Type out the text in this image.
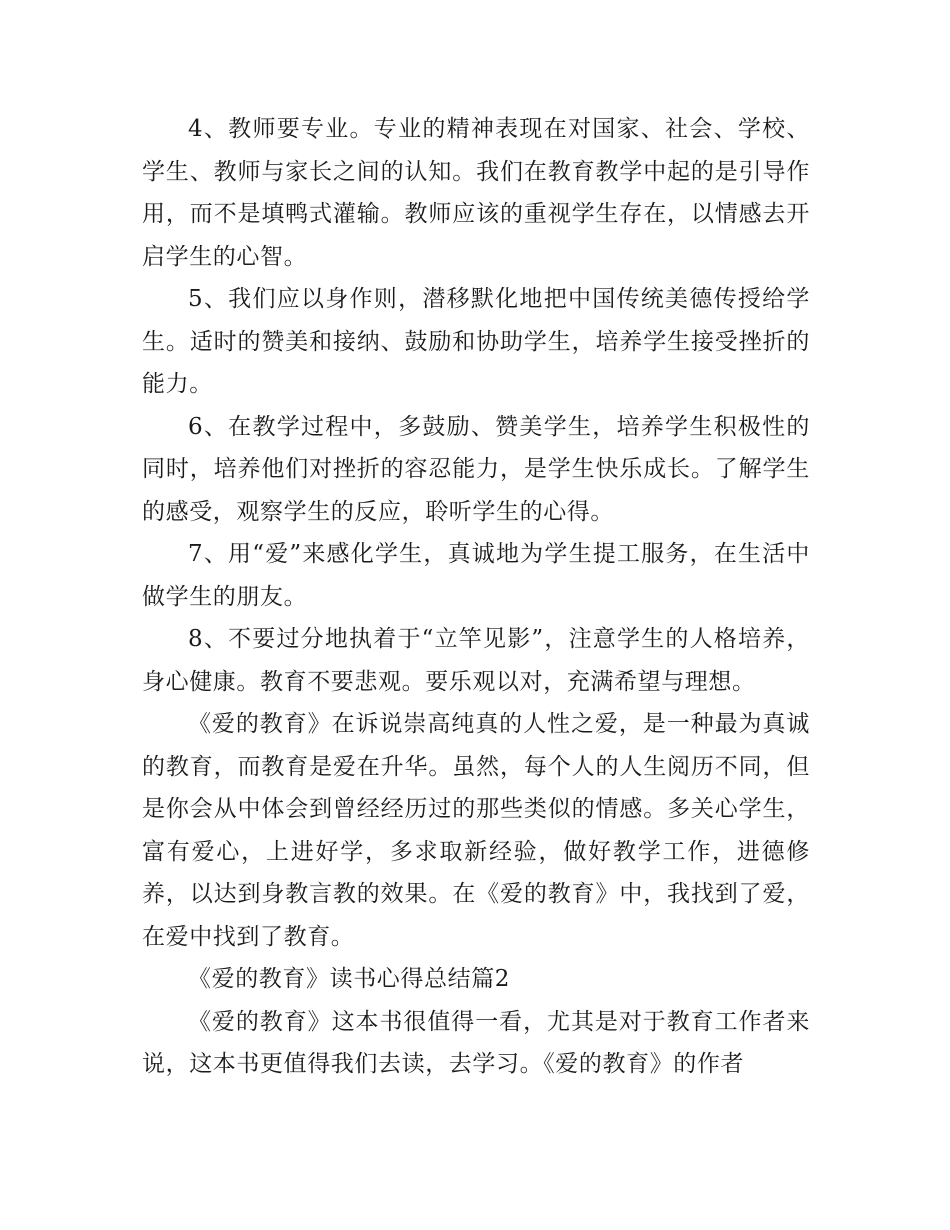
4、教师要专业。专业的精神表现在对国家、社会、学校、学生、教师与家长之间的认知。我们在教育教学中起的是引导作用，而不是填鸭式灌输。教师应该的重视学生存在，以情感去开启学生的心智。

5、我们应以身作则，潜移默化地把中国传统美德传授给学生。适时的赞美和接纳、鼓励和协助学生，培养学生接受挫折的能力。

6、在教学过程中，多鼓励、赞美学生，培养学生积极性的同时，培养他们对挫折的容忍能力，是学生快乐成长。了解学生的感受，观察学生的反应，聆听学生的心得。

7、用“爱”来感化学生，真诚地为学生提工服务，在生活中做学生的朋友。

8、不要过分地执着于“立竿见影”，注意学生的人格培养，身心健康。教育不要悲观。要乐观以对，充满希望与理想。

《爱的教育》在诉说崇高纯真的人性之爱，是一种最为真诚的教育，而教育是爱在升华。虽然，每个人的人生阅历不同，但是你会从中体会到曾经经历过的那些类似的情感。多关心学生，富有爱心，上进好学，多求取新经验，做好教学工作，进德修养，以达到身教言教的效果。在《爱的教育》中，我找到了爱，在爱中找到了教育。

《爱的教育》读书心得总结篇2

《爱的教育》这本书很值得一看，尤其是对于教育工作者来说，这本书更值得我们去读，去学习。《爱的教育》的作者
